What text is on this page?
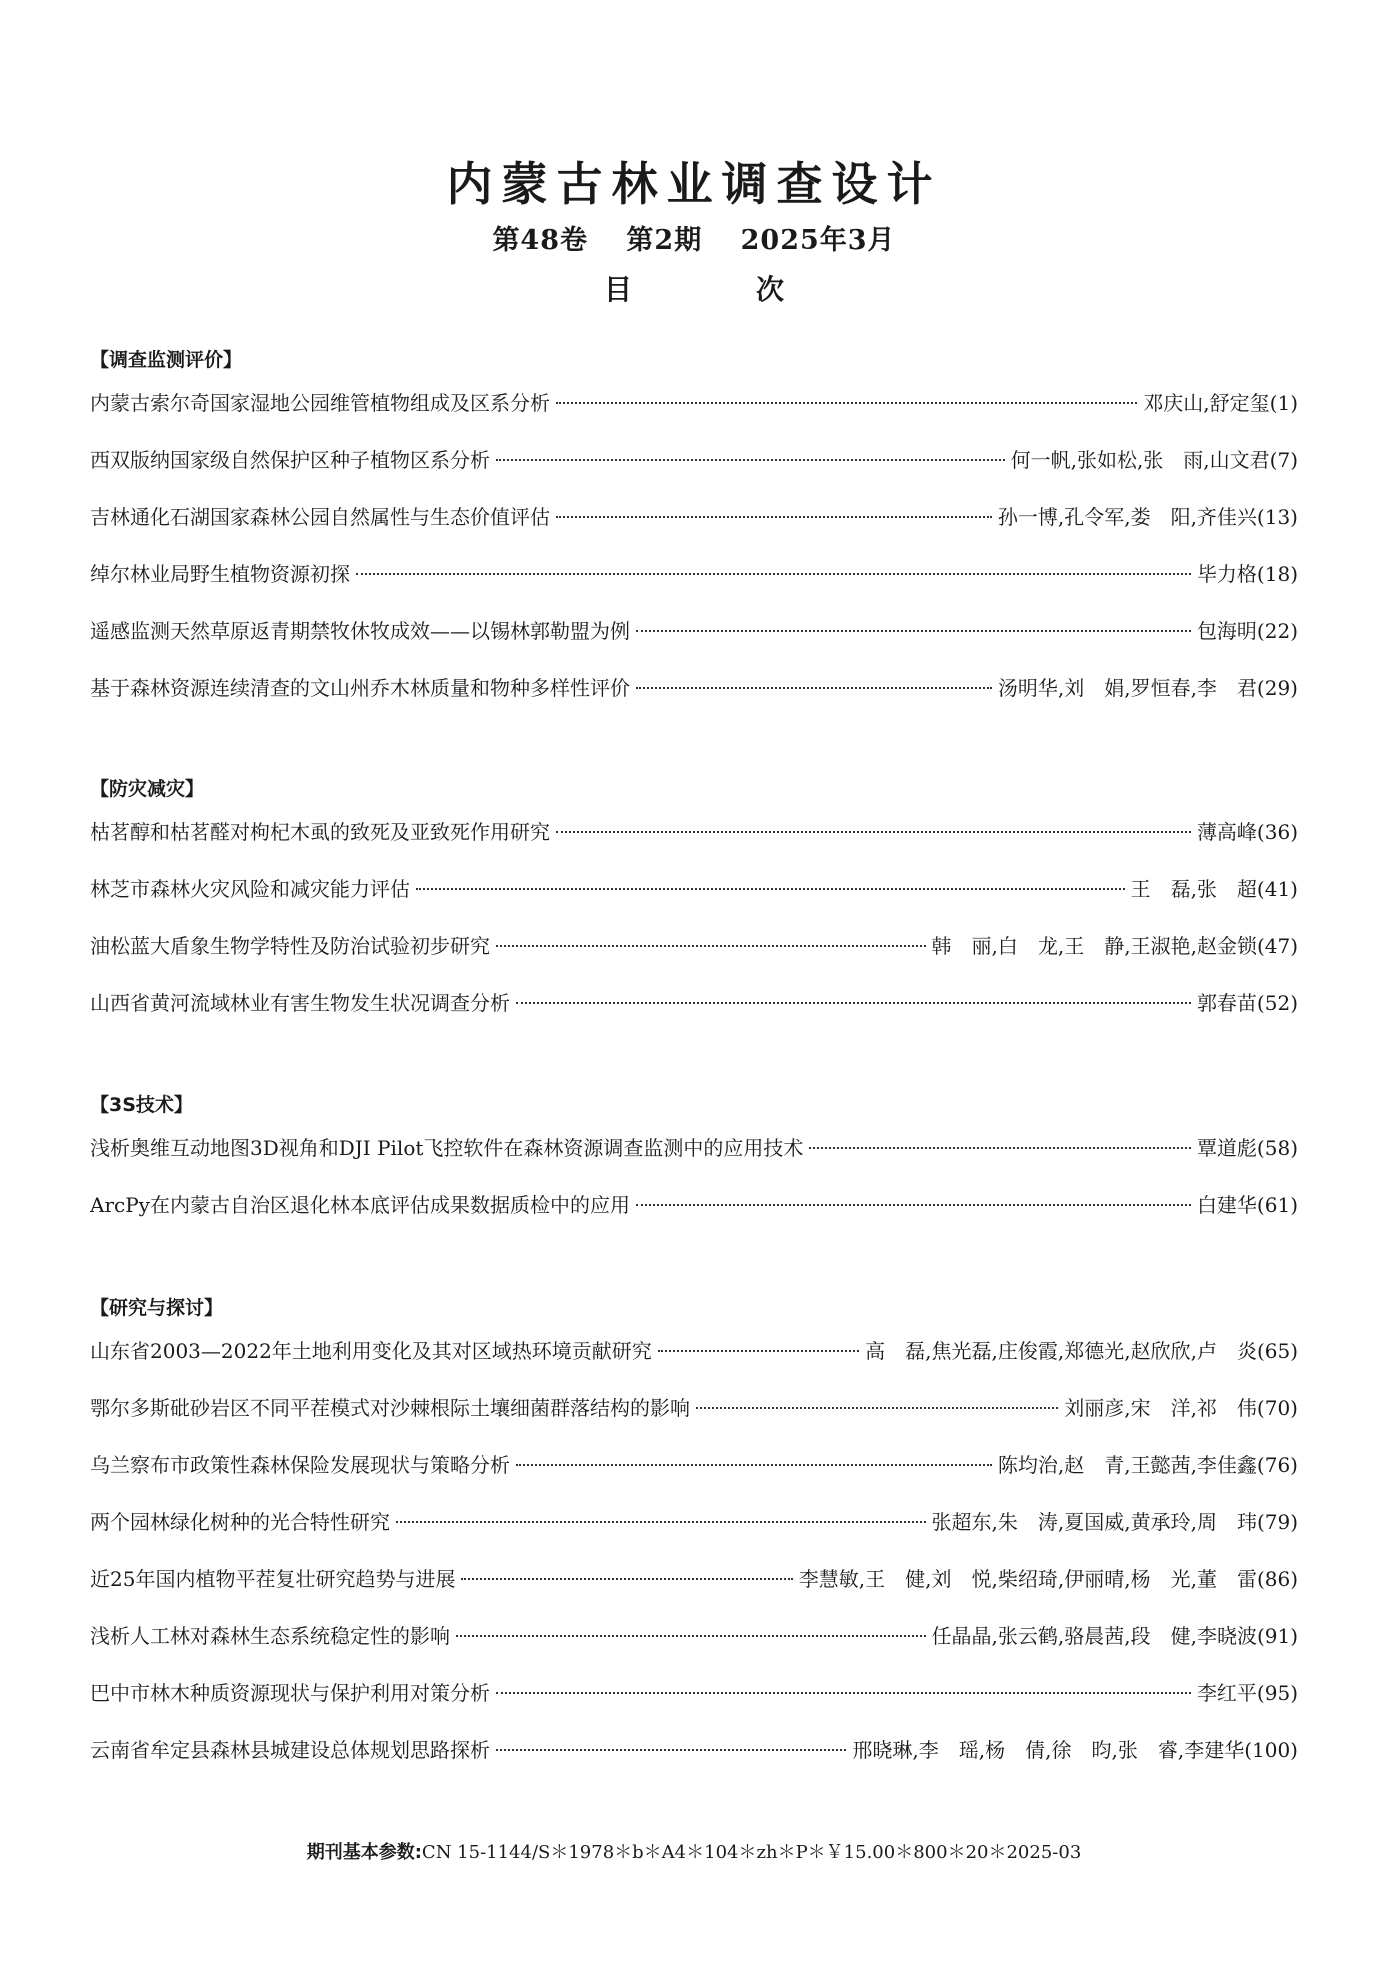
内蒙古林业调查设计
第48卷 第2期 2025年3月
目　次
【调查监测评价】
内蒙古索尔奇国家湿地公园维管植物组成及区系分析	邓庆山,舒定玺(1)
西双版纳国家级自然保护区种子植物区系分析	何一帆,张如松,张　雨,山文君(7)
吉林通化石湖国家森林公园自然属性与生态价值评估	孙一博,孔令军,娄　阳,齐佳兴(13)
绰尔林业局野生植物资源初探	毕力格(18)
遥感监测天然草原返青期禁牧休牧成效——以锡林郭勒盟为例	包海明(22)
基于森林资源连续清查的文山州乔木林质量和物种多样性评价	汤明华,刘　娟,罗恒春,李　君(29)
【防灾减灾】
枯茗醇和枯茗醛对枸杞木虱的致死及亚致死作用研究	薄高峰(36)
林芝市森林火灾风险和减灾能力评估	王　磊,张　超(41)
油松蓝大盾象生物学特性及防治试验初步研究	韩　丽,白　龙,王　静,王淑艳,赵金锁(47)
山西省黄河流域林业有害生物发生状况调查分析	郭春苗(52)
【3S技术】
浅析奥维互动地图3D视角和DJI Pilot飞控软件在森林资源调查监测中的应用技术	覃道彪(58)
ArcPy在内蒙古自治区退化林本底评估成果数据质检中的应用	白建华(61)
【研究与探讨】
山东省2003—2022年土地利用变化及其对区域热环境贡献研究	高　磊,焦光磊,庄俊霞,郑德光,赵欣欣,卢　炎(65)
鄂尔多斯砒砂岩区不同平茬模式对沙棘根际土壤细菌群落结构的影响	刘丽彦,宋　洋,祁　伟(70)
乌兰察布市政策性森林保险发展现状与策略分析	陈均治,赵　青,王懿茜,李佳鑫(76)
两个园林绿化树种的光合特性研究	张超东,朱　涛,夏国威,黄承玲,周　玮(79)
近25年国内植物平茬复壮研究趋势与进展	李慧敏,王　健,刘　悦,柴绍琦,伊丽晴,杨　光,董　雷(86)
浅析人工林对森林生态系统稳定性的影响	任晶晶,张云鹤,骆晨茜,段　健,李晓波(91)
巴中市林木种质资源现状与保护利用对策分析	李红平(95)
云南省牟定县森林县城建设总体规划思路探析	邢晓琳,李　瑶,杨　倩,徐　昀,张　睿,李建华(100)
期刊基本参数:CN 15-1144/S＊1978＊b＊A4＊104＊zh＊P＊￥15.00＊800＊20＊2025-03
